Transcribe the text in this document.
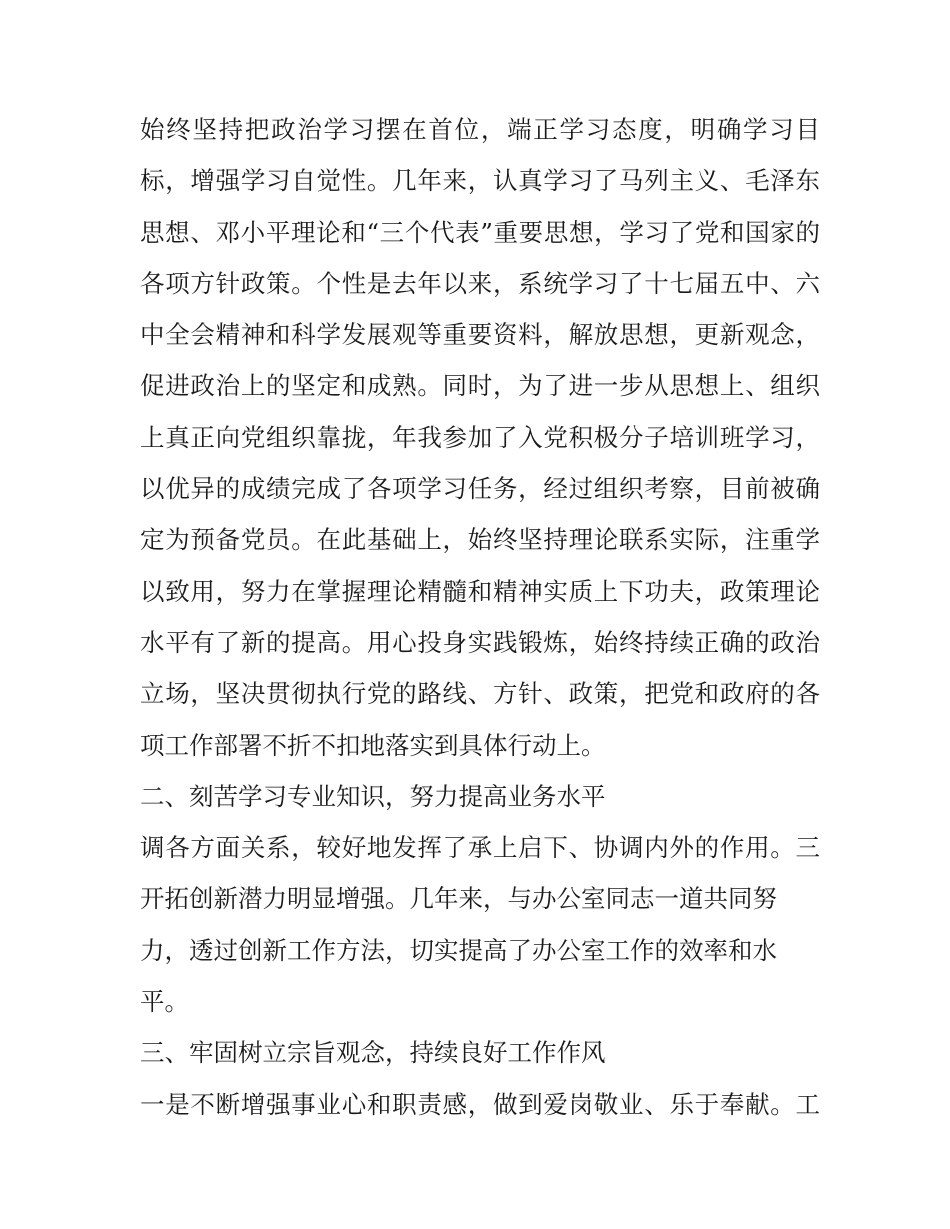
始终坚持把政治学习摆在首位，端正学习态度，明确学习目
标，增强学习自觉性。几年来，认真学习了马列主义、毛泽东
思想、邓小平理论和“三个代表”重要思想，学习了党和国家的
各项方针政策。个性是去年以来，系统学习了十七届五中、六
中全会精神和科学发展观等重要资料，解放思想，更新观念，
促进政治上的坚定和成熟。同时，为了进一步从思想上、组织
上真正向党组织靠拢，年我参加了入党积极分子培训班学习，
以优异的成绩完成了各项学习任务，经过组织考察，目前被确
定为预备党员。在此基础上，始终坚持理论联系实际，注重学
以致用，努力在掌握理论精髓和精神实质上下功夫，政策理论
水平有了新的提高。用心投身实践锻炼，始终持续正确的政治
立场，坚决贯彻执行党的路线、方针、政策，把党和政府的各
项工作部署不折不扣地落实到具体行动上。
二、刻苦学习专业知识，努力提高业务水平
调各方面关系，较好地发挥了承上启下、协调内外的作用。三
开拓创新潜力明显增强。几年来，与办公室同志一道共同努
力，透过创新工作方法，切实提高了办公室工作的效率和水
平。
三、牢固树立宗旨观念，持续良好工作作风
一是不断增强事业心和职责感，做到爱岗敬业、乐于奉献。工
